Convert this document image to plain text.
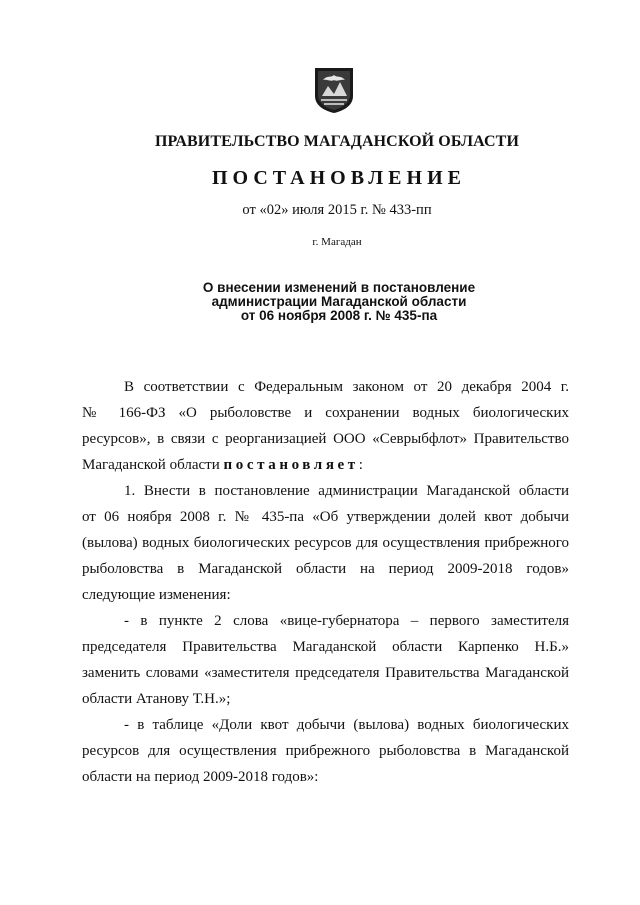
ПРАВИТЕЛЬСТВО МАГАДАНСКОЙ ОБЛАСТИ
ПОСТАНОВЛЕНИЕ
от «02» июля 2015 г. № 433-пп
г. Магадан
О внесении изменений в постановление
администрации Магаданской области
от 06 ноября 2008 г. № 435-па
В соответствии с Федеральным законом от 20 декабря 2004 г.
№ 166-ФЗ «О рыболовстве и сохранении водных биологических
ресурсов», в связи с реорганизацией ООО «Севрыбфлот» Правительство
Магаданской области постановляет:
1. Внести в постановление администрации Магаданской области
от 06 ноября 2008 г. № 435-па «Об утверждении долей квот добычи
(вылова) водных биологических ресурсов для осуществления прибрежного
рыболовства в Магаданской области на период 2009-2018 годов»
следующие изменения:
- в пункте 2 слова «вице-губернатора – первого заместителя
председателя Правительства Магаданской области Карпенко Н.Б.»
заменить словами «заместителя председателя Правительства Магаданской
области Атанову Т.Н.»;
- в таблице «Доли квот добычи (вылова) водных биологических
ресурсов для осуществления прибрежного рыболовства в Магаданской
области на период 2009-2018 годов»:
